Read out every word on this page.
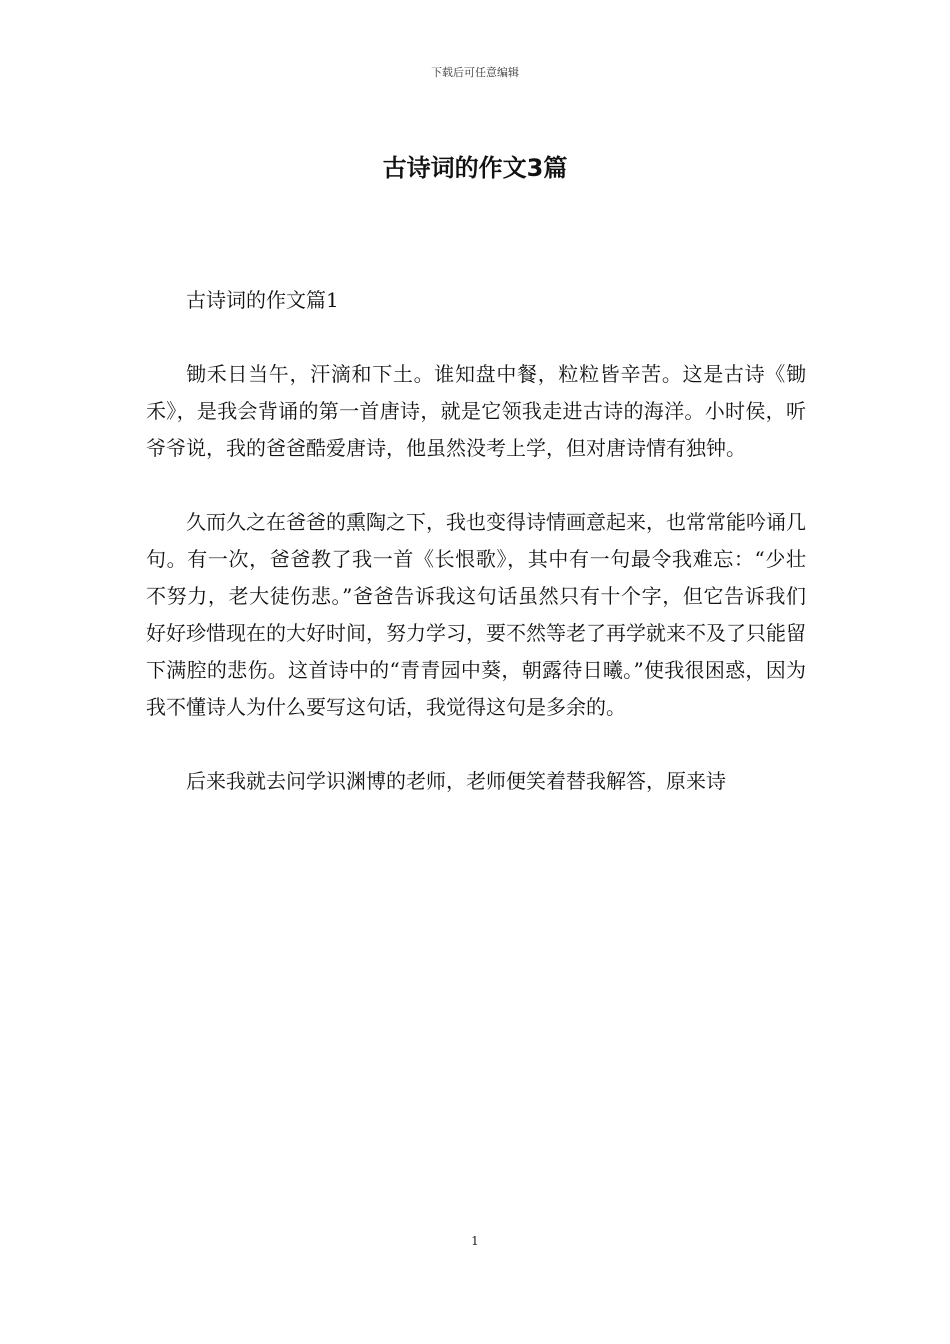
下载后可任意编辑
古诗词的作文3篇

古诗词的作文篇1

锄禾日当午，汗滴和下土。谁知盘中餐，粒粒皆辛苦。这是古诗《锄禾》，是我会背诵的第一首唐诗，就是它领我走进古诗的海洋。小时侯，听爷爷说，我的爸爸酷爱唐诗，他虽然没考上学，但对唐诗情有独钟。

久而久之在爸爸的熏陶之下，我也变得诗情画意起来，也常常能吟诵几句。有一次，爸爸教了我一首《长恨歌》，其中有一句最令我难忘：“少壮不努力，老大徒伤悲。”爸爸告诉我这句话虽然只有十个字，但它告诉我们好好珍惜现在的大好时间，努力学习，要不然等老了再学就来不及了只能留下满腔的悲伤。这首诗中的“青青园中葵，朝露待日曦。”使我很困惑，因为我不懂诗人为什么要写这句话，我觉得这句是多余的。

后来我就去问学识渊博的老师，老师便笑着替我解答，原来诗

1
